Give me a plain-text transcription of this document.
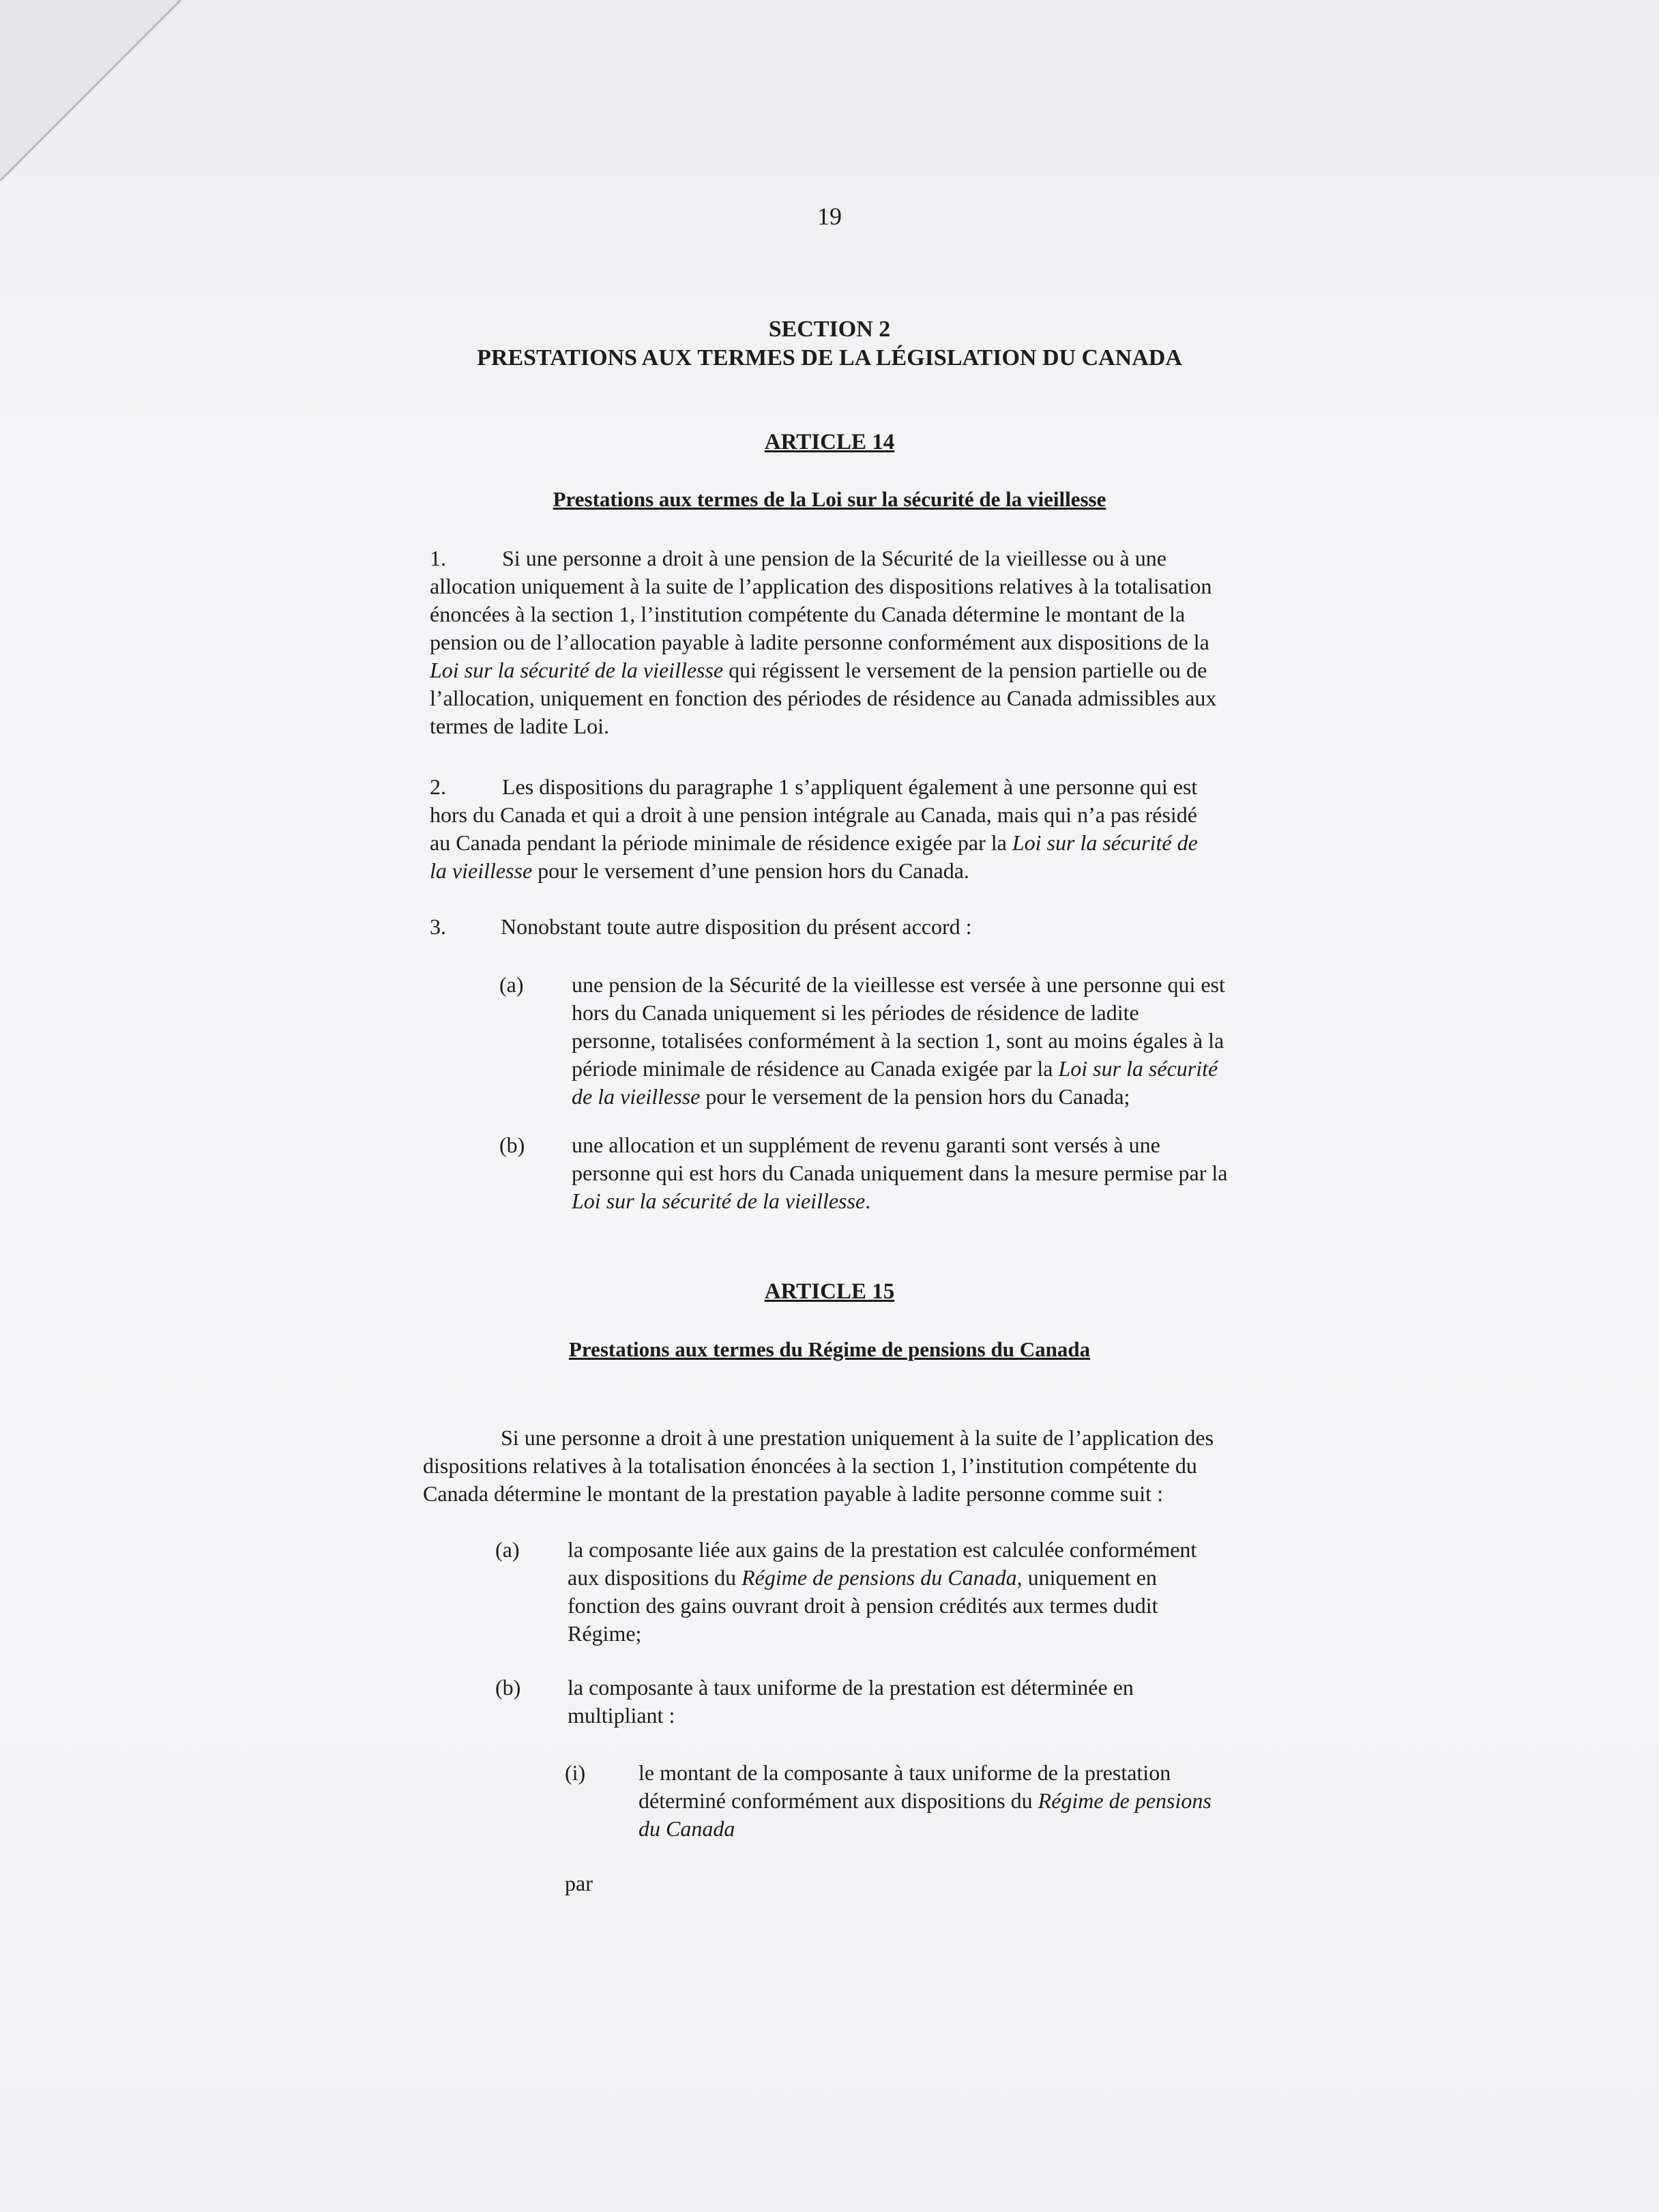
19
SECTION 2
PRESTATIONS AUX TERMES DE LA LÉGISLATION DU CANADA
ARTICLE 14
Prestations aux termes de la Loi sur la sécurité de la vieillesse
1.	Si une personne a droit à une pension de la Sécurité de la vieillesse ou à une
allocation uniquement à la suite de l’application des dispositions relatives à la totalisation
énoncées à la section 1, l’institution compétente du Canada détermine le montant de la
pension ou de l’allocation payable à ladite personne conformément aux dispositions de la
Loi sur la sécurité de la vieillesse qui régissent le versement de la pension partielle ou de
l’allocation, uniquement en fonction des périodes de résidence au Canada admissibles aux
termes de ladite Loi.
2.	Les dispositions du paragraphe 1 s’appliquent également à une personne qui est
hors du Canada et qui a droit à une pension intégrale au Canada, mais qui n’a pas résidé
au Canada pendant la période minimale de résidence exigée par la Loi sur la sécurité de
la vieillesse pour le versement d’une pension hors du Canada.
3.	Nonobstant toute autre disposition du présent accord :
(a) une pension de la Sécurité de la vieillesse est versée à une personne qui est
hors du Canada uniquement si les périodes de résidence de ladite
personne, totalisées conformément à la section 1, sont au moins égales à la
période minimale de résidence au Canada exigée par la Loi sur la sécurité
de la vieillesse pour le versement de la pension hors du Canada;
(b) une allocation et un supplément de revenu garanti sont versés à une
personne qui est hors du Canada uniquement dans la mesure permise par la
Loi sur la sécurité de la vieillesse.
ARTICLE 15
Prestations aux termes du Régime de pensions du Canada
Si une personne a droit à une prestation uniquement à la suite de l’application des
dispositions relatives à la totalisation énoncées à la section 1, l’institution compétente du
Canada détermine le montant de la prestation payable à ladite personne comme suit :
(a) la composante liée aux gains de la prestation est calculée conformément
aux dispositions du Régime de pensions du Canada, uniquement en
fonction des gains ouvrant droit à pension crédités aux termes dudit
Régime;
(b) la composante à taux uniforme de la prestation est déterminée en
multipliant :
(i) le montant de la composante à taux uniforme de la prestation
déterminé conformément aux dispositions du Régime de pensions
du Canada
par
